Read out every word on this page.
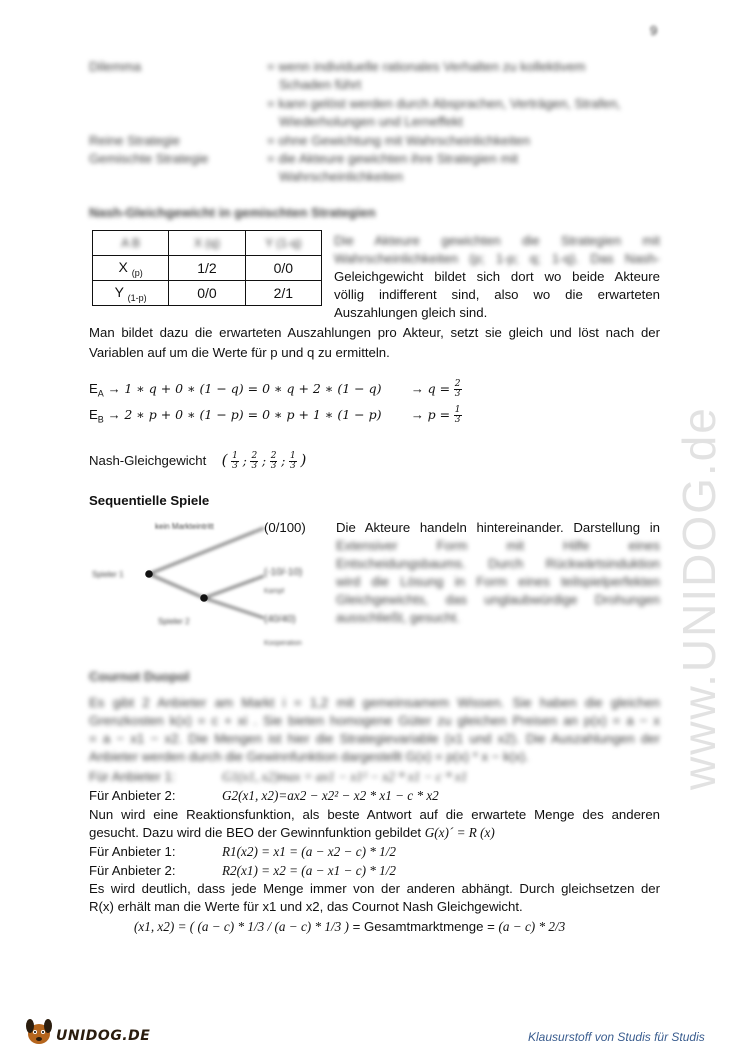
9
Dilemma	= wenn individuelle rationales Verhalten zu kollektivem
Schaden führt
= kann gelöst werden durch Absprachen, Verträgen, Strafen,
Wiederholungen und Lerneffekt
Reine Strategie	= ohne Gewichtung mit Wahrscheinlichkeiten
Gemischte Strategie	= die Akteure gewichten ihre Strategien mit
Wahrscheinlichkeiten
Nash-Gleichgewicht in gemischten Strategien
A B	X (q)	Y (1-q)
X $_{(p)}$	1/2	0/0
Y $_{(1-p)}$	0/0	2/1
Die Akteure gewichten die Strategien mit
Wahrscheinlichkeiten (p; 1-p; q; 1-q). Das Nash-
Geleichgewicht bildet sich dort wo beide Akteure
völlig indifferent sind, also wo die erwarteten
Auszahlungen gleich sind.
Man bildet dazu die erwarteten Auszahlungen pro Akteur, setzt sie gleich und löst nach der
Variablen auf um die Werte für p und q zu ermitteln.
$E_A \to 1$ ∗ q + 0 ∗ (1 − q) = 0 ∗ q + 2 ∗ $(1 - q) \to q = \frac{2}{3}$
$E_B \to 2$ ∗ p + 0 ∗ (1 − p) = 0 ∗ p + 1 ∗ $(1 - p) \to p = \frac{1}{3}$
Nash-Gleichgewicht ( $\frac{1}{3}$ ; $\frac{2}{3}$ ; $\frac{2}{3}$ ; $\frac{1}{3}$ )
Sequentielle Spiele
kein Markteintritt	(0/100)
Spieler 1
Spieler 2
(-10/-10)
Kampf
(40/40)
Kooperation
Die Akteure handeln hintereinander. Darstellung in
Extensiver Form mit Hilfe eines
Entscheidungsbaums. Durch Rückwärtsinduktion
wird die Lösung in Form eines teilspielperfekten
Gleichgewichts, das unglaubwürdige Drohungen
ausschließt, gesucht.
Cournot Duopol
Es gibt 2 Anbieter am Markt i = 1,2 mit gemeinsamem Wissen. Sie haben die gleichen
Grenzkosten k(x) = c + xi . Sie bieten homogene Güter zu gleichen Preisen an p(x) = a − x
= a − x1 − x2. Die Mengen ist hier die Strategievariable (x1 und x2). Die Auszahlungen der
Anbieter werden durch die Gewinnfunktion dargestellt G(x) = p(x) * x − k(x).
Für Anbieter 1:	G1(x1, x2)max = ax1 − x1² − x2 * x1 − c * x1
Für Anbieter 2:	G2(x1, x2)=ax2 − x2² − x2 * x1 − c * x2
Nun wird eine Reaktionsfunktion, als beste Antwort auf die erwartete Menge des anderen
gesucht. Dazu wird die BEO der Gewinnfunktion gebildet G(x)´ = R (x)
Für Anbieter 1:	R1(x2) = x1 = (a − x2 − c) * 1/2
Für Anbieter 2:	R2(x1) = x2 = (a − x1 − c) * 1/2
Es wird deutlich, dass jede Menge immer von der anderen abhängt. Durch gleichsetzen der
R(x) erhält man die Werte für x1 und x2, das Cournot Nash Gleichgewicht.
(x1, x2) = ( (a − c) * 1/3 / (a − c) * 1/3 ) = Gesamtmarktmenge = (a − c) * 2/3
www.UNIDOG.de
UNIDOG.DE	Klausurstoff von Studis für Studis
